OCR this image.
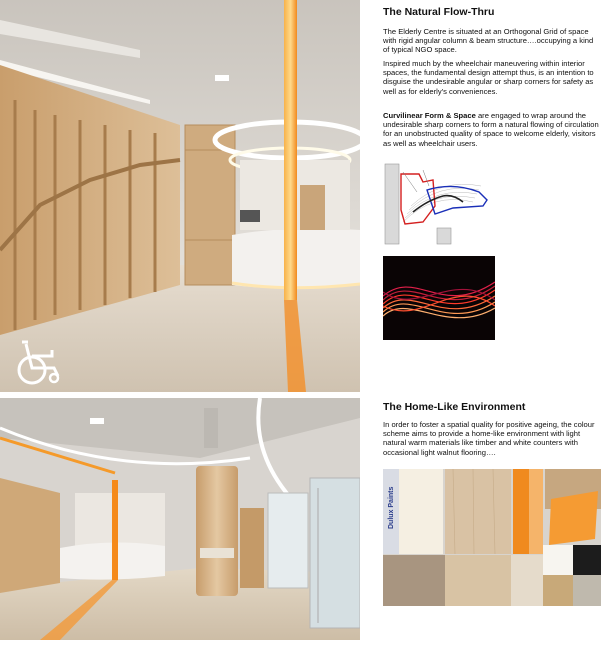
The Natural Flow-Thru

The Elderly Centre is situated at an Orthogonal Grid of space with rigid angular column & beam structure….occupying a kind of typical NGO space.

Inspired much by the wheelchair maneuvering within interior spaces, the fundamental design attempt thus, is an intention to disguise the undesirable angular or sharp corners for safety as well as for elderly's conveniences.

Curvilinear Form & Space are engaged to wrap around the undesirable sharp corners to form a natural flowing of circulation for an unobstructed quality of space to welcome elderly, visitors as well as wheelchair users.

The Home-Like Environment

In order to foster a spatial quality for positive ageing, the colour scheme aims to provide a home-like environment with light natural warm materials like timber and white counters with occasional light walnut flooring….

Dulux Paints
